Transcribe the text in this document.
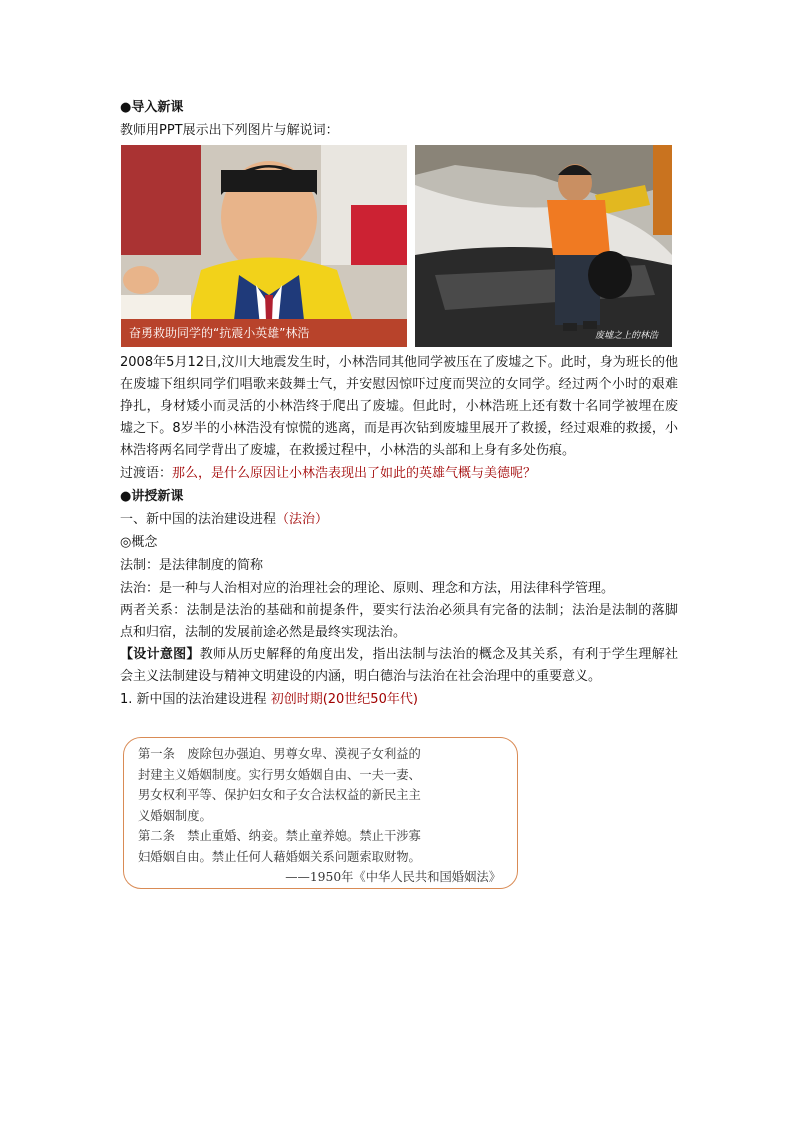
●导入新课
教师用PPT展示出下列图片与解说词：
奋勇救助同学的“抗震小英雄”林浩	废墟之上的林浩
2008年5月12日,汶川大地震发生时，小林浩同其他同学被压在了废墟之下。此时，身为班长的他在废墟下组织同学们唱歌来鼓舞士气，并安慰因惊吓过度而哭泣的女同学。经过两个小时的艰难挣扎，身材矮小而灵活的小林浩终于爬出了废墟。但此时，小林浩班上还有数十名同学被埋在废墟之下。8岁半的小林浩没有惊慌的逃离，而是再次钻到废墟里展开了救援，经过艰难的救援，小林浩将两名同学背出了废墟，在救援过程中，小林浩的头部和上身有多处伤痕。
过渡语：那么，是什么原因让小林浩表现出了如此的英雄气概与美德呢？
●讲授新课
一、新中国的法治建设进程（法治）
◎概念
法制：是法律制度的简称
法治：是一种与人治相对应的治理社会的理论、原则、理念和方法，用法律科学管理。
两者关系：法制是法治的基础和前提条件，要实行法治必须具有完备的法制；法治是法制的落脚点和归宿，法制的发展前途必然是最终实现法治。
【设计意图】教师从历史解释的角度出发，指出法制与法治的概念及其关系，有利于学生理解社会主义法制建设与精神文明建设的内涵，明白德治与法治在社会治理中的重要意义。
1. 新中国的法治建设进程 初创时期(20世纪50年代)
第一条　废除包办强迫、男尊女卑、漠视子女利益的
封建主义婚姻制度。实行男女婚姻自由、一夫一妻、
男女权利平等、保护妇女和子女合法权益的新民主主
义婚姻制度。
第二条　禁止重婚、纳妾。禁止童养媳。禁止干涉寡
妇婚姻自由。禁止任何人藉婚姻关系问题索取财物。
——1950年《中华人民共和国婚姻法》
